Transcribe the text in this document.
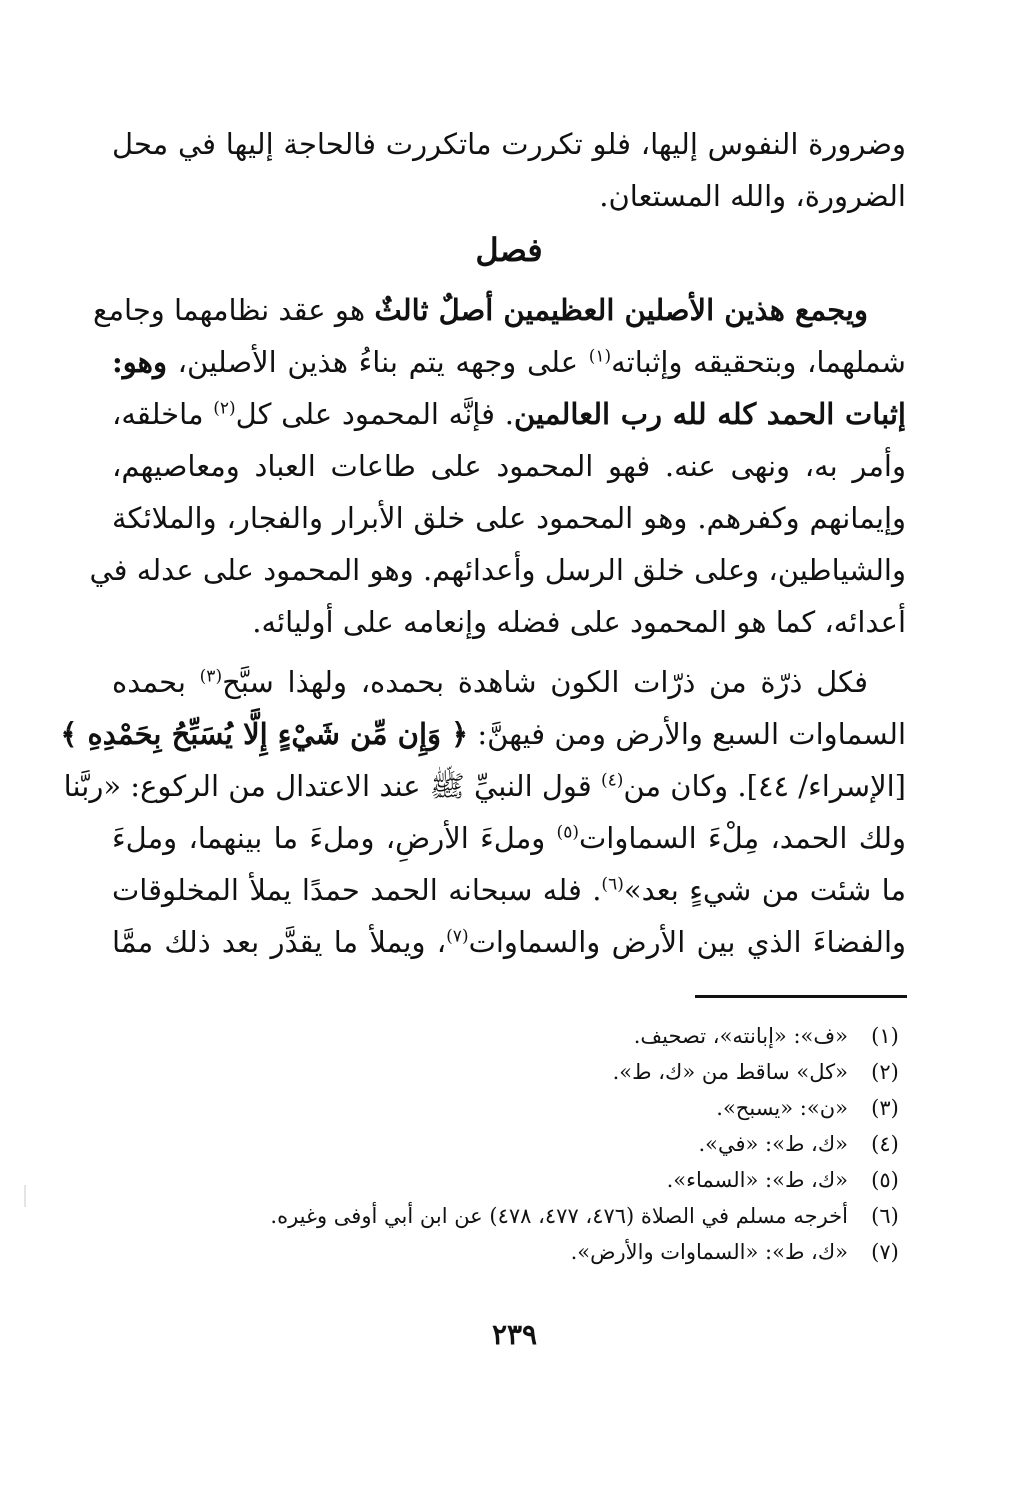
وضرورة النفوس إليها، فلو تكررت ماتكررت فالحاجة إليها في محل
الضرورة، والله المستعان.
فصل
ويجمع هذين الأصلين العظيمين أصلٌ ثالثٌ هو عقد نظامهما وجامع
شملهما، وبتحقيقه وإثباته$^{(١)}$ على وجهه يتم بناءُ هذين الأصلين، وهو:
إثبات الحمد كله لله رب العالمين. فإنَّه المحمود على كل$^{(٢)}$ ماخلقه،
وأمر به، ونهى عنه. فهو المحمود على طاعات العباد ومعاصيهم،
وإيمانهم وكفرهم. وهو المحمود على خلق الأبرار والفجار، والملائكة
والشياطين، وعلى خلق الرسل وأعدائهم. وهو المحمود على عدله في
أعدائه، كما هو المحمود على فضله وإنعامه على أوليائه.
فكل ذرّة من ذرّات الكون شاهدة بحمده، ولهذا سبَّح$^{(٣)}$ بحمده
السماوات السبع والأرض ومن فيهنَّ: ﴿ وَإِن مِّن شَيْءٍ إِلَّا يُسَبِّحُ بِحَمْدِهِ ﴾
[الإسراء/ ٤٤]. وكان من$^{(٤)}$ قول النبيِّ ﷺ عند الاعتدال من الركوع: «ربَّنا
ولك الحمد، مِلْءَ السماوات$^{(٥)}$ وملءَ الأرضِ، وملءَ ما بينهما، وملءَ
ما شئت من شيءٍ بعد»$^{(٦)}$. فله سبحانه الحمد حمدًا يملأ المخلوقات
والفضاءَ الذي بين الأرض والسماوات$^{(٧)}$، ويملأ ما يقدَّر بعد ذلك ممَّا
(١)
«ف»: «إبانته»، تصحيف.
(٢)
«كل» ساقط من «ك، ط».
(٣)
«ن»: «يسبح».
(٤)
«ك، ط»: «في».
(٥)
«ك، ط»: «السماء».
(٦)
أخرجه مسلم في الصلاة (٤٧٦، ٤٧٧، ٤٧٨) عن ابن أبي أوفى وغيره.
(٧)
«ك، ط»: «السماوات والأرض».
٢٣٩
